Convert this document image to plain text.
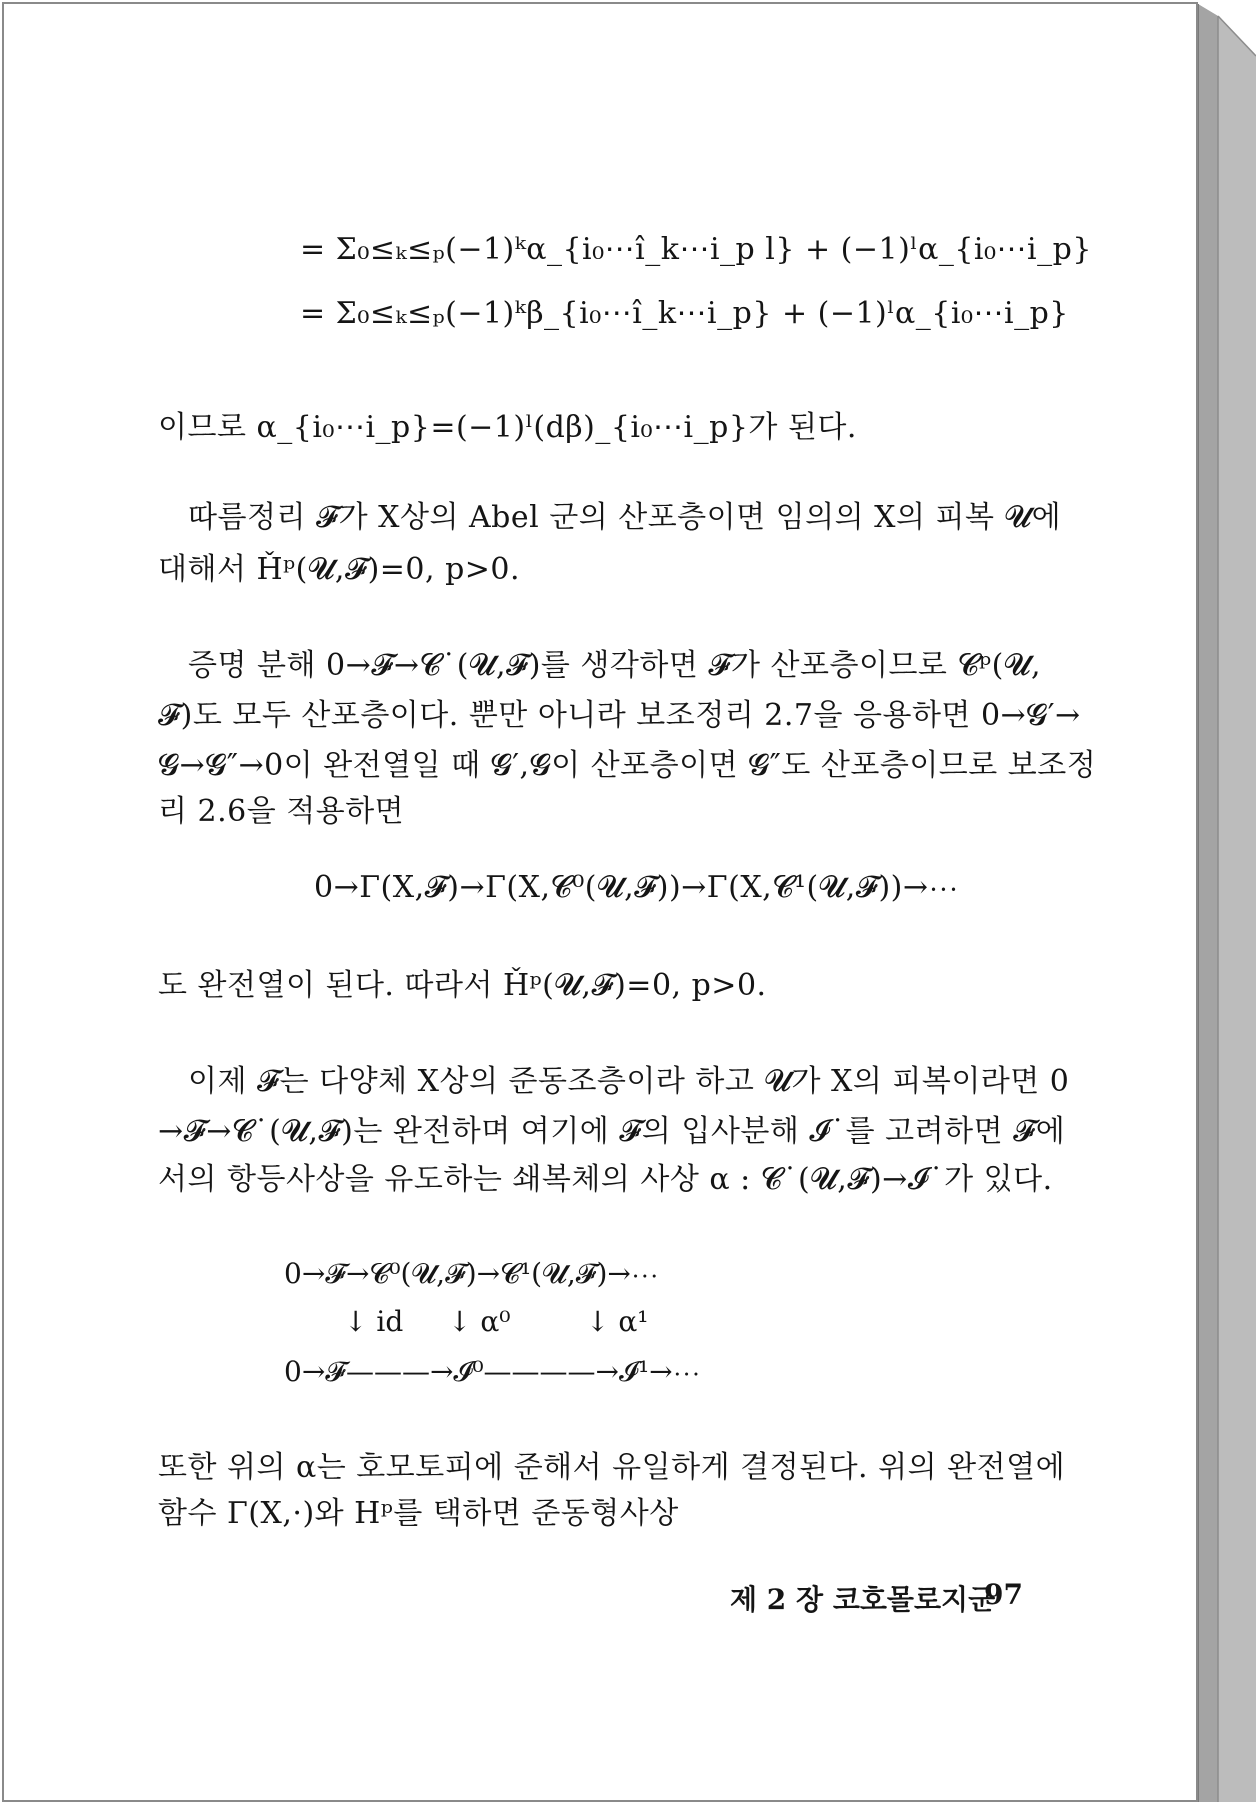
= Σ₀≤ₖ≤ₚ(−1)ᵏα_{i₀⋯î_k⋯i_p l} + (−1)ˡα_{i₀⋯i_p}
= Σ₀≤ₖ≤ₚ(−1)ᵏβ_{i₀⋯î_k⋯i_p} + (−1)ˡα_{i₀⋯i_p}
이므로 α_{i₀⋯i_p}=(−1)ˡ(dβ)_{i₀⋯i_p}가 된다.
따름정리 𝓕가 X상의 Abel 군의 산포층이면 임의의 X의 피복 𝓤에
대해서 Ȟᵖ(𝓤,𝓕)=0, p>0.
증명 분해 0→𝓕→𝓒˙(𝓤,𝓕)를 생각하면 𝓕가 산포층이므로 𝓒ᵖ(𝓤,
𝓕)도 모두 산포층이다. 뿐만 아니라 보조정리 2.7을 응용하면 0→𝓖′→
𝓖→𝓖″→0이 완전열일 때 𝓖′,𝓖이 산포층이면 𝓖″도 산포층이므로 보조정
리 2.6을 적용하면
0→Γ(X,𝓕)→Γ(X,𝓒⁰(𝓤,𝓕))→Γ(X,𝓒¹(𝓤,𝓕))→⋯
도 완전열이 된다. 따라서 Ȟᵖ(𝓤,𝓕)=0, p>0.
이제 𝓕는 다양체 X상의 준동조층이라 하고 𝓤가 X의 피복이라면 0
→𝓕→𝓒˙(𝓤,𝓕)는 완전하며 여기에 𝓕의 입사분해 𝓘˙를 고려하면 𝓕에
서의 항등사상을 유도하는 쇄복체의 사상 α : 𝓒˙(𝓤,𝓕)→𝓘˙가 있다.
0→𝓕→𝓒⁰(𝓤,𝓕)→𝓒¹(𝓤,𝓕)→⋯
↓ id ↓ α⁰	↓ α¹
0→𝓕———→𝓘⁰————→𝓘¹→⋯
또한 위의 α는 호모토피에 준해서 유일하게 결정된다. 위의 완전열에
함수 Γ(X,·)와 Hᵖ를 택하면 준동형사상
제 2 장 코호몰로지군
97
